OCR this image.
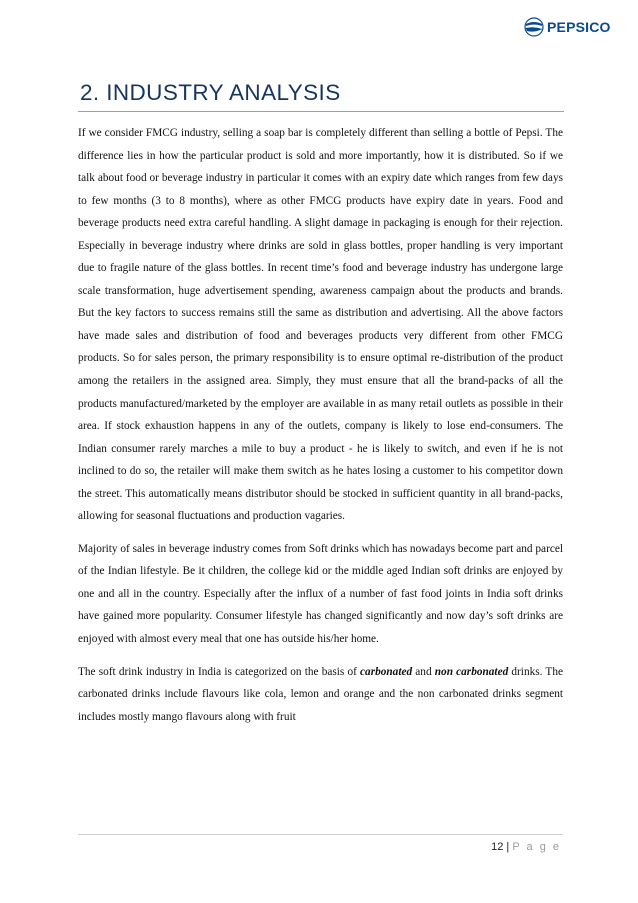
PEPSICO
2. INDUSTRY ANALYSIS

If we consider FMCG industry, selling a soap bar is completely different than selling a bottle of Pepsi. The difference lies in how the particular product is sold and more importantly, how it is distributed. So if we talk about food or beverage industry in particular it comes with an expiry date which ranges from few days to few months (3 to 8 months), where as other FMCG products have expiry date in years. Food and beverage products need extra careful handling. A slight damage in packaging is enough for their rejection. Especially in beverage industry where drinks are sold in glass bottles, proper handling is very important due to fragile nature of the glass bottles. In recent time’s food and beverage industry has undergone large scale transformation, huge advertisement spending, awareness campaign about the products and brands. But the key factors to success remains still the same as distribution and advertising. All the above factors have made sales and distribution of food and beverages products very different from other FMCG products. So for sales person, the primary responsibility is to ensure optimal re-distribution of the product among the retailers in the assigned area. Simply, they must ensure that all the brand-packs of all the products manufactured/marketed by the employer are available in as many retail outlets as possible in their area. If stock exhaustion happens in any of the outlets, company is likely to lose end-consumers. The Indian consumer rarely marches a mile to buy a product - he is likely to switch, and even if he is not inclined to do so, the retailer will make them switch as he hates losing a customer to his competitor down the street. This automatically means distributor should be stocked in sufficient quantity in all brand-packs, allowing for seasonal fluctuations and production vagaries.

Majority of sales in beverage industry comes from Soft drinks which has nowadays become part and parcel of the Indian lifestyle. Be it children, the college kid or the middle aged Indian soft drinks are enjoyed by one and all in the country. Especially after the influx of a number of fast food joints in India soft drinks have gained more popularity. Consumer lifestyle has changed significantly and now day’s soft drinks are enjoyed with almost every meal that one has outside his/her home.

The soft drink industry in India is categorized on the basis of carbonated and non carbonated drinks. The carbonated drinks include flavours like cola, lemon and orange and the non carbonated drinks segment includes mostly mango flavours along with fruit

12 | P a g e
